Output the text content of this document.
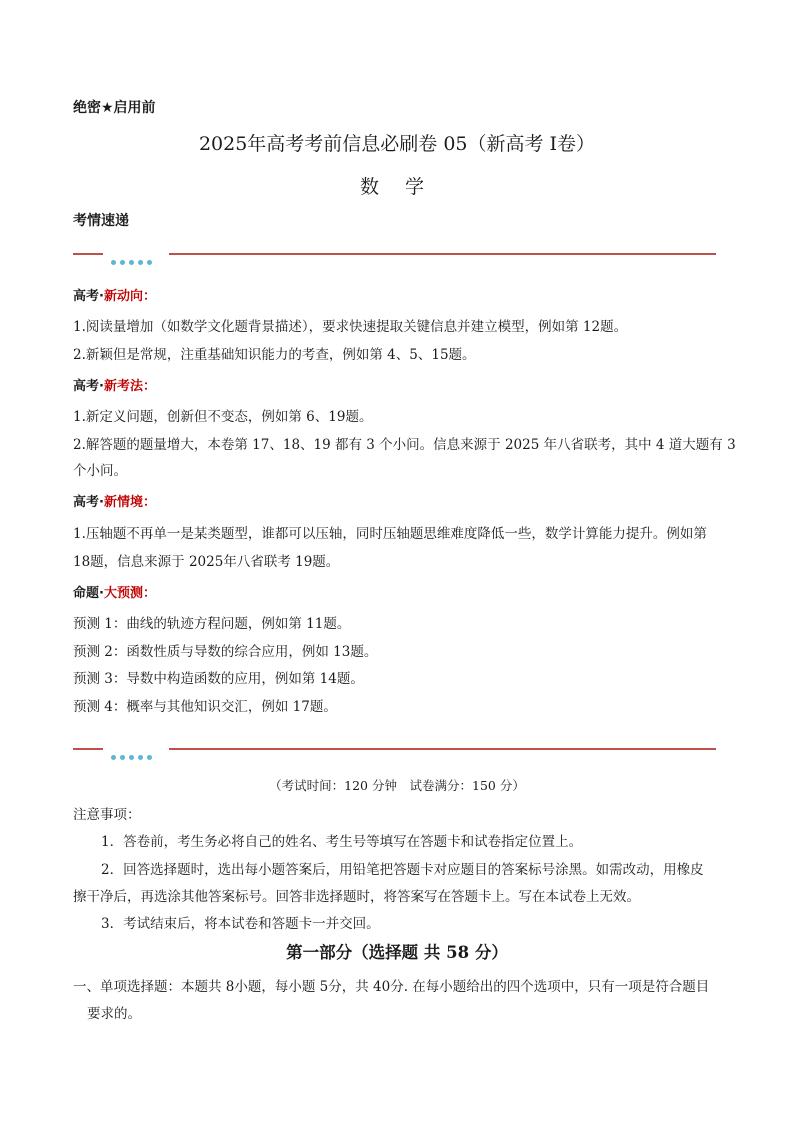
绝密★启用前
2025年高考考前信息必刷卷 05（新高考 Ⅰ卷）
数 学
考情速递
高考·新动向：
1.阅读量增加（如数学文化题背景描述），要求快速提取关键信息并建立模型，例如第 12题。
2.新颖但是常规，注重基础知识能力的考查，例如第 4、5、15题。
高考·新考法：
1.新定义问题，创新但不变态，例如第 6、19题。
2.解答题的题量增大，本卷第 17、18、19 都有 3 个小问。信息来源于 2025 年八省联考，其中 4 道大题有 3
个小问。
高考·新情境：
1.压轴题不再单一是某类题型，谁都可以压轴，同时压轴题思维难度降低一些，数学计算能力提升。例如第
18题，信息来源于 2025年八省联考 19题。
命题·大预测：
预测 1：曲线的轨迹方程问题，例如第 11题。
预测 2：函数性质与导数的综合应用，例如 13题。
预测 3：导数中构造函数的应用，例如第 14题。
预测 4：概率与其他知识交汇，例如 17题。
（考试时间：120 分钟　试卷满分：150 分）
注意事项：
1．答卷前，考生务必将自己的姓名、考生号等填写在答题卡和试卷指定位置上。
2．回答选择题时，选出每小题答案后，用铅笔把答题卡对应题目的答案标号涂黑。如需改动，用橡皮
擦干净后，再选涂其他答案标号。回答非选择题时，将答案写在答题卡上。写在本试卷上无效。
3．考试结束后，将本试卷和答题卡一并交回。
第一部分（选择题 共 58 分）
一、单项选择题：本题共 8小题，每小题 5分，共 40分. 在每小题给出的四个选项中，只有一项是符合题目
要求的。
